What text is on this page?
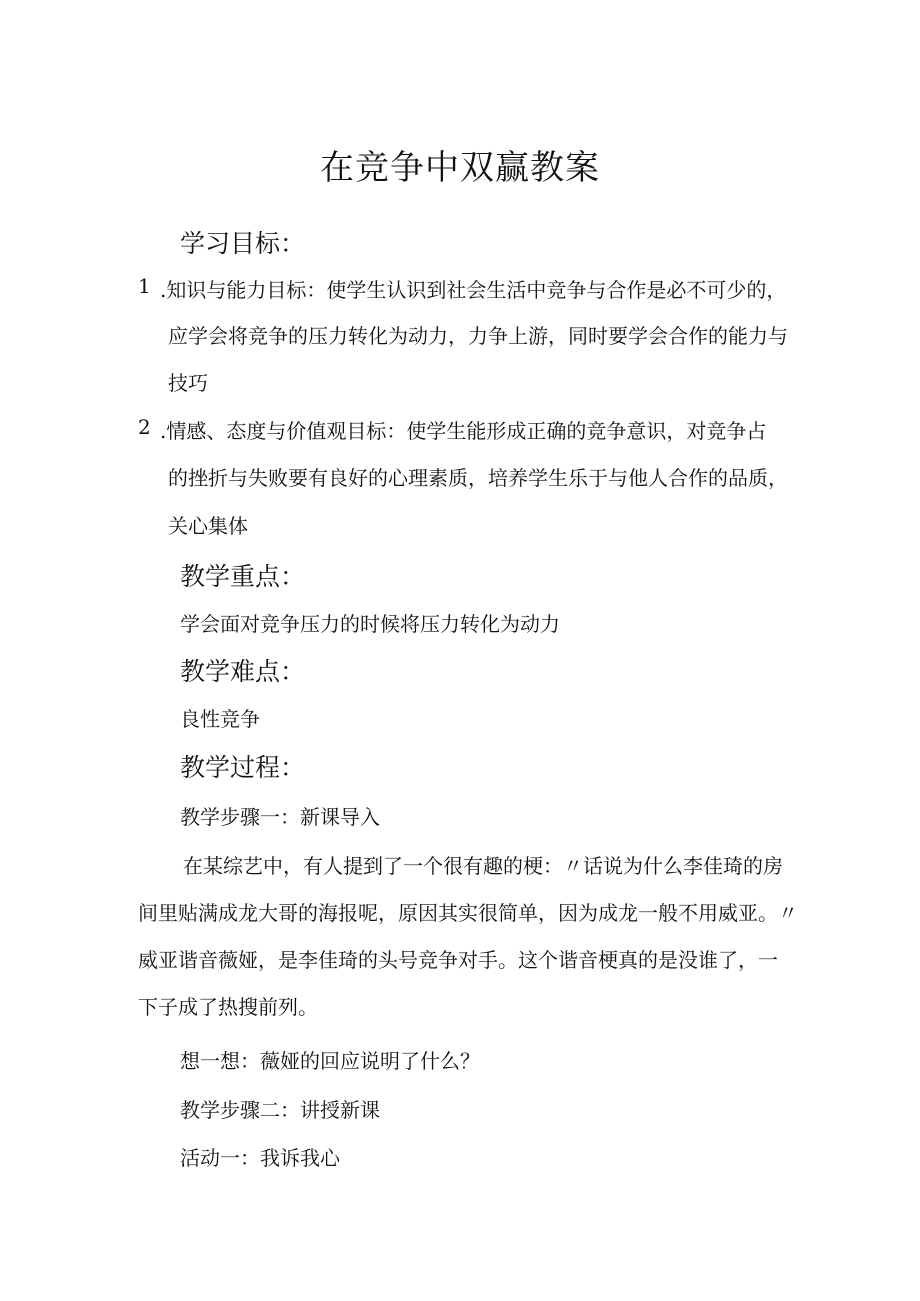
在竞争中双赢教案
学习目标：
1 .知识与能力目标：使学生认识到社会生活中竞争与合作是必不可少的，
应学会将竞争的压力转化为动力，力争上游，同时要学会合作的能力与
技巧
2 .情感、态度与价值观目标：使学生能形成正确的竞争意识，对竞争占
的挫折与失败要有良好的心理素质，培养学生乐于与他人合作的品质，
关心集体
教学重点：
学会面对竞争压力的时候将压力转化为动力
教学难点：
良性竞争
教学过程：
教学步骤一：新课导入
在某综艺中，有人提到了一个很有趣的梗：〃话说为什么李佳琦的房
间里贴满成龙大哥的海报呢，原因其实很简单，因为成龙一般不用威亚。〃
威亚谐音薇娅，是李佳琦的头号竞争对手。这个谐音梗真的是没谁了，一
下子成了热搜前列。
想一想：薇娅的回应说明了什么？
教学步骤二：讲授新课
活动一：我诉我心
